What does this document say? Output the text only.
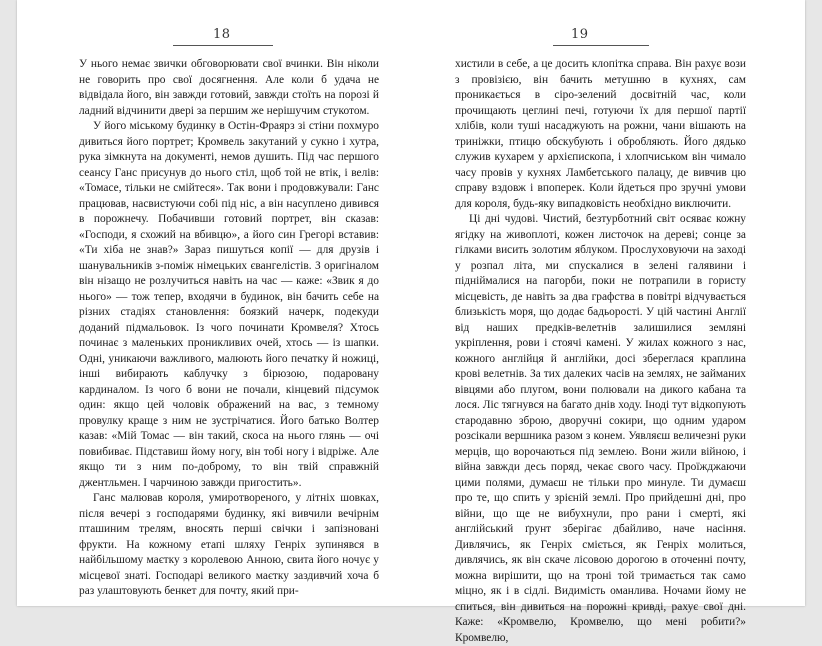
18

У нього немає звички обговорювати свої вчинки. Він ніколи не говорить про свої досягнення. Але коли б удача не відвідала його, він завжди готовий, завжди стоїть на порозі й ладний відчинити двері за першим же нерішучим стукотом.

У його міському будинку в Остін-Фраярз зі стіни похмуро дивиться його портрет; Кромвель закутаний у сукно і хутра, рука зімкнута на документі, немов душить. Під час першого сеансу Ганс присунув до нього стіл, щоб той не втік, і велів: «Томасе, тільки не смійтеся». Так вони і продовжували: Ганс працював, насвистуючи собі під ніс, а він насуплено дивився в порожнечу. Побачивши готовий портрет, він сказав: «Господи, я схожий на вбивцю», а його син Грегорі вставив: «Ти хіба не знав?» Зараз пишуться копії — для друзів і шанувальників з-поміж німецьких євангелістів. З оригіналом він нізащо не розлучиться навіть на час — каже: «Звик я до нього» — тож тепер, входячи в будинок, він бачить себе на різних стадіях становлення: боязкий начерк, подекуди доданий підмальовок. Із чого починати Кромвеля? Хтось починає з маленьких проникливих очей, хтось — із шапки. Одні, уникаючи важливого, малюють його печатку й ножиці, інші вибирають каблучку з бірюзою, подаровану кардиналом. Із чого б вони не почали, кінцевий підсумок один: якщо цей чоловік ображений на вас, з темному провулку краще з ним не зустрічатися. Його батько Волтер казав: «Мій Томас — він такий, скоса на нього глянь — очі повибиває. Підставиш йому ногу, він тобі ногу і відріже. Але якщо ти з ним по-доброму, то він твій справжній джентльмен. І чарчиною завжди пригостить».

Ганс малював короля, умиротвореного, у літніх шовках, після вечері з господарями будинку, які вивчили вечірнім пташиним трелям, вносять перші свічки і запізновані фрукти. На кожному етапі шляху Генріх зупинявся в найбільшому маєтку з королевою Анною, свита його ночує у місцевої знаті. Господарі великого маєтку заздивчий хоча б раз улаштовують бенкет для почту, який при-

19

хистили в себе, а це досить клопітка справа. Він рахує вози з провізією, він бачить метушню в кухнях, сам проникається в сіро-зелений досвітній час, коли прочищають цеглині печі, готуючи їх для першої партії хлібів, коли туші насаджують на рожни, чани вішають на триніжки, птицю обскубують і обробляють. Його дядько служив кухарем у архієпископа, і хлопчиськом він чимало часу провів у кухнях Ламбетського палацу, де вивчив цю справу вздовж і впоперек. Коли йдеться про зручні умови для короля, будь-яку випадковість необхідно виключити.

Ці дні чудові. Чистий, безтурботний світ осяває кожну ягідку на живоплоті, кожен листочок на дереві; сонце за гілками висить золотим яблуком. Прослуховуючи на заході у розпал літа, ми спускалися в зелені галявини і підніймалися на пагорби, поки не потрапили в гористу місцевість, де навіть за два графства в повітрі відчувається близькість моря, що додає бадьорості. У цій частині Англії від наших предків-велетнів залишилися земляні укріплення, рови і стоячі камені. У жилах кожного з нас, кожного англійця й англійки, досі збереглася краплина крові велетнів. За тих далеких часів на землях, не займаних вівцями або плугом, вони полювали на дикого кабана та лося. Ліс тягнувся на багато днів ходу. Іноді тут відкопують стародавню зброю, дворучні сокири, що одним ударом розсікали вершника разом з конем. Уявляєш величезні руки мерців, що ворочаються під землею. Вони жили війною, і війна завжди десь поряд, чекає свого часу. Проїжджаючи цими полями, думаєш не тільки про минуле. Ти думаєш про те, що спить у зрієній землі. Про прийдешні дні, про війни, що ще не вибухнули, про рани і смерті, які англійський ґрунт зберігає дбайливо, наче насіння. Дивлячись, як Генріх сміється, як Генріх молиться, дивлячись, як він скаче лісовою дорогою в оточенні почту, можна вирішити, що на троні той тримається так само міцно, як і в сідлі. Видимість оманлива. Ночами йому не спиться, він дивиться на порожні кривді, рахує свої дні. Каже: «Кромвелю, Кромвелю, що мені робити?» Кромвелю,
